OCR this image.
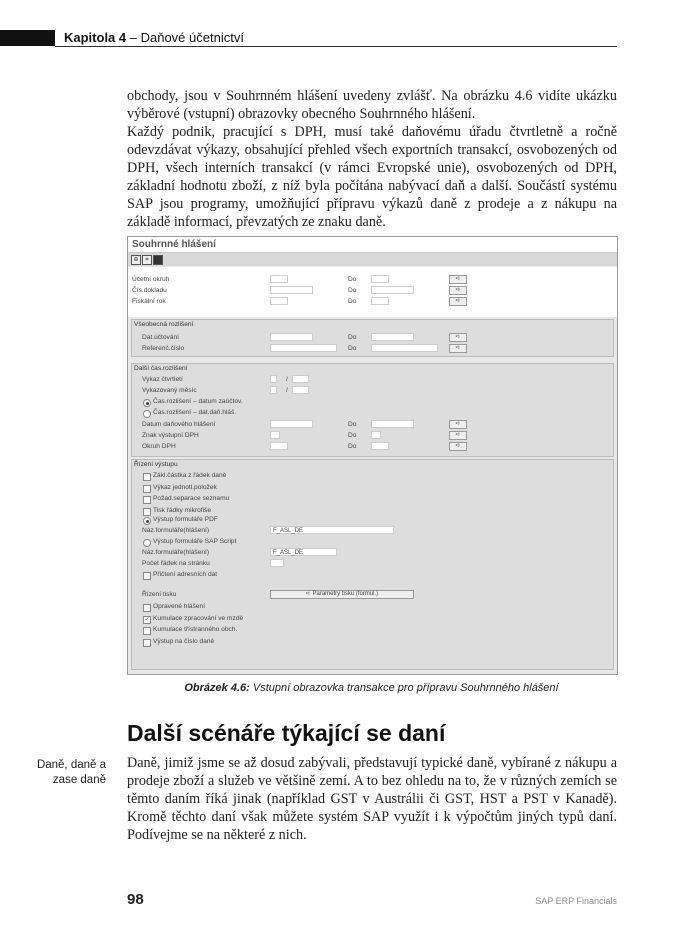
Kapitola 4 – Daňové účetnictví
obchody, jsou v Souhrnném hlášení uvedeny zvlášť. Na obrázku 4.6 vidíte ukázku výběrové (vstupní) obrazovky obecného Souhrnného hlášení.
Každý podnik, pracující s DPH, musí také daňovému úřadu čtvrtletně a ročně odevzdávat výkazy, obsahující přehled všech exportních transakcí, osvobozených od DPH, všech interních transakcí (v rámci Evropské unie), osvobozených od DPH, základní hodnotu zboží, z níž byla počítána nabývací daň a další. Součástí systému SAP jsou programy, umožňující přípravu výkazů daně z prodeje a z nákupu na základě informací, převzatých ze znaku daně.
Souhrnné hlášení
⊕	⌗
Účetní okruh	Do	➪
Čís.dokladu	Do	➪
Fiskální rok	Do	➪
Všeobecná rozlišení
Dat.účtování	Do	➪
Referenč.číslo	Do	➪
Další čas.rozlišení
Vykaz čtvrtletí	/
Vykazovaný měsíc	/
Čas.rozlišení – datum zaúčtov.
Čas.rozlišení – dat.daň.hláš.
Datum daňového hlášení	Do	➪
Znak výstupní DPH	Do	➪
Okruh DPH	Do	➪
Řízení výstupu
Zákl.částka z řádek daně
Výkaz jednotl.položek
Požad.separace seznamu
Tisk řádky mikrofiše
Výstup formuláře PDF
Náz.formuláře(hlášení)	F_ASL_DE
Výstup formuláře SAP Script
Náz.formuláře(hlášení)	F_ASL_DE
Počet řádek na stránku
Přičtení adresních dat
Řízení tisku	➪ Parametry tisku (formul.)
Opravené hlášení
✓ Kumulace zpracování ve mzdě
Kumulace třístranného obch.
Výstup na číslo daně
Obrázek 4.6: Vstupní obrazovka transakce pro přípravu Souhrnného hlášení
Další scénáře týkající se daní
Daně, daně a zase daně
Daně, jimiž jsme se až dosud zabývali, představují typické daně, vybírané z nákupu a prodeje zboží a služeb ve většině zemí. A to bez ohledu na to, že v různých zemích se těmto daním říká jinak (například GST v Austrálii či GST, HST a PST v Kanadě). Kromě těchto daní však můžete systém SAP využít i k výpočtům jiných typů daní. Podívejme se na některé z nich.
98	SAP ERP Financials
